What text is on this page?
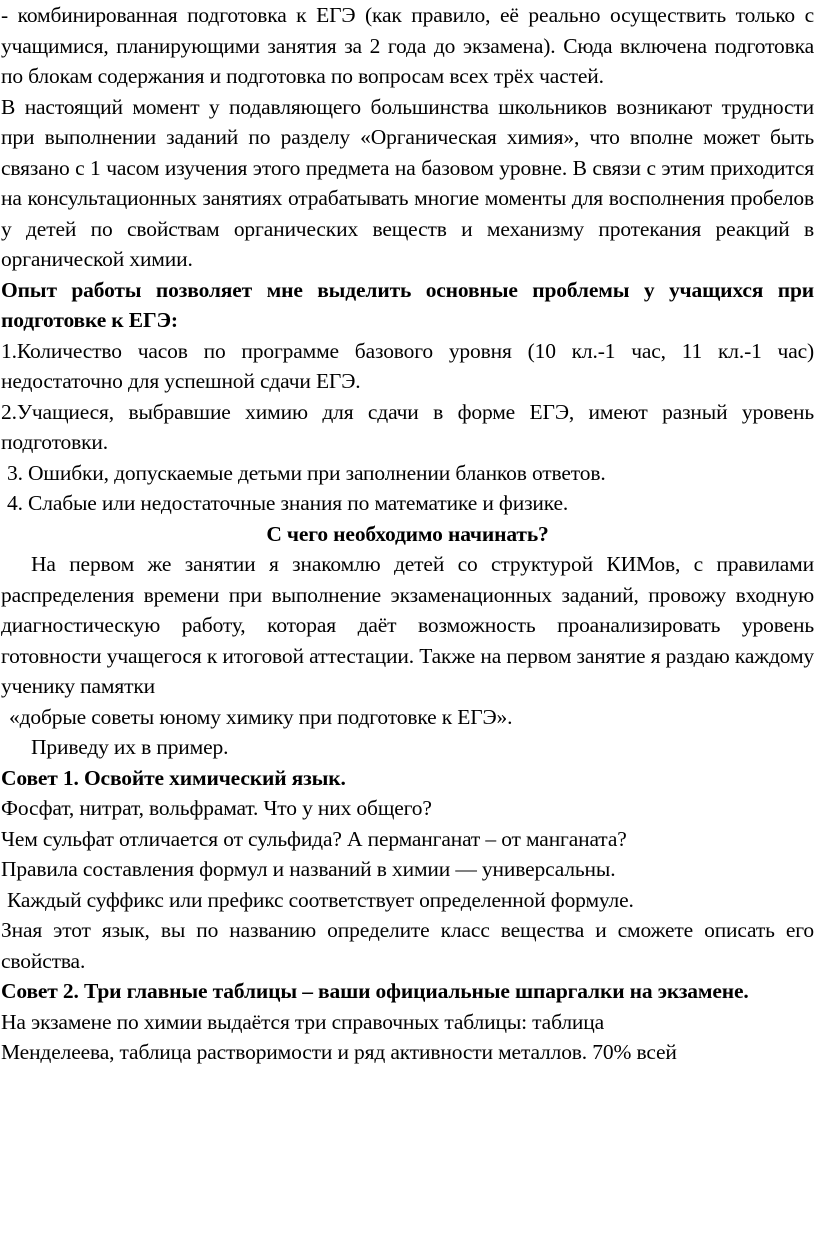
- комбинированная подготовка к ЕГЭ (как правило, её реально осуществить только с учащимися, планирующими занятия за 2 года до экзамена). Сюда включена подготовка по блокам содержания и подготовка по вопросам всех трёх частей.

В настоящий момент у подавляющего большинства школьников возникают трудности при выполнении заданий по разделу «Органическая химия», что вполне может быть связано с 1 часом изучения этого предмета на базовом уровне. В связи с этим приходится на консультационных занятиях отрабатывать многие моменты для восполнения пробелов у детей по свойствам органических веществ и механизму протекания реакций в органической химии.

Опыт работы позволяет мне выделить основные проблемы у учащихся при подготовке к ЕГЭ:

1.Количество часов по программе базового уровня (10 кл.-1 час, 11 кл.-1 час) недостаточно для успешной сдачи ЕГЭ.

2.Учащиеся, выбравшие химию для сдачи в форме ЕГЭ, имеют разный уровень подготовки.

3. Ошибки, допускаемые детьми при заполнении бланков ответов.

4. Слабые или недостаточные знания по математике и физике.

С чего необходимо начинать?

На первом же занятии я знакомлю детей со структурой КИМов, с правилами распределения времени при выполнение экзаменационных заданий, провожу входную диагностическую работу, которая даёт возможность проанализировать уровень готовности учащегося к итоговой аттестации. Также на первом занятие я раздаю каждому ученику памятки

«добрые советы юному химику при подготовке к ЕГЭ».

Приведу их в пример.

Совет 1. Освойте химический язык.

Фосфат, нитрат, вольфрамат. Что у них общего?

Чем сульфат отличается от сульфида? А перманганат – от манганата?

Правила составления формул и названий в химии — универсальны.

Каждый суффикс или префикс соответствует определенной формуле.

Зная этот язык, вы по названию определите класс вещества и сможете описать его свойства.

Совет 2. Три главные таблицы – ваши официальные шпаргалки на экзамене.

На экзамене по химии выдаётся три справочных таблицы: таблица

Менделеева, таблица растворимости и ряд активности металлов. 70% всей
